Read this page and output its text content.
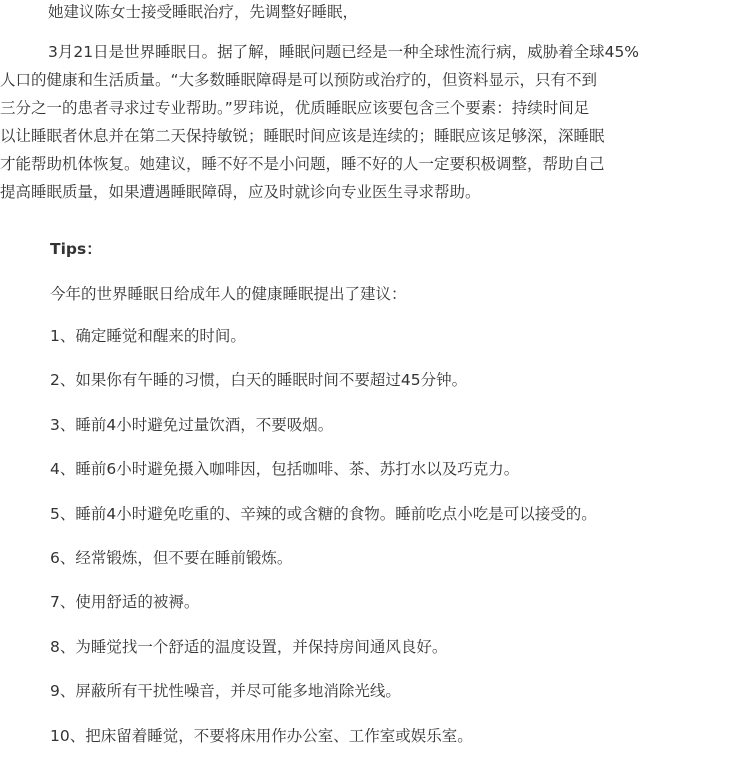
她建议陈女士接受睡眠治疗，先调整好睡眠，

3月21日是世界睡眠日。据了解，睡眠问题已经是一种全球性流行病，威胁着全球45%
人口的健康和生活质量。“大多数睡眠障碍是可以预防或治疗的，但资料显示，只有不到
三分之一的患者寻求过专业帮助。”罗玮说，优质睡眠应该要包含三个要素：持续时间足
以让睡眠者休息并在第二天保持敏锐；睡眠时间应该是连续的；睡眠应该足够深，深睡眠
才能帮助机体恢复。她建议，睡不好不是小问题，睡不好的人一定要积极调整，帮助自己
提高睡眠质量，如果遭遇睡眠障碍，应及时就诊向专业医生寻求帮助。

Tips：
今年的世界睡眠日给成年人的健康睡眠提出了建议：
1、确定睡觉和醒来的时间。
2、如果你有午睡的习惯，白天的睡眠时间不要超过45分钟。
3、睡前4小时避免过量饮酒，不要吸烟。
4、睡前6小时避免摄入咖啡因，包括咖啡、茶、苏打水以及巧克力。
5、睡前4小时避免吃重的、辛辣的或含糖的食物。睡前吃点小吃是可以接受的。
6、经常锻炼，但不要在睡前锻炼。
7、使用舒适的被褥。
8、为睡觉找一个舒适的温度设置，并保持房间通风良好。
9、屏蔽所有干扰性噪音，并尽可能多地消除光线。
10、把床留着睡觉，不要将床用作办公室、工作室或娱乐室。
